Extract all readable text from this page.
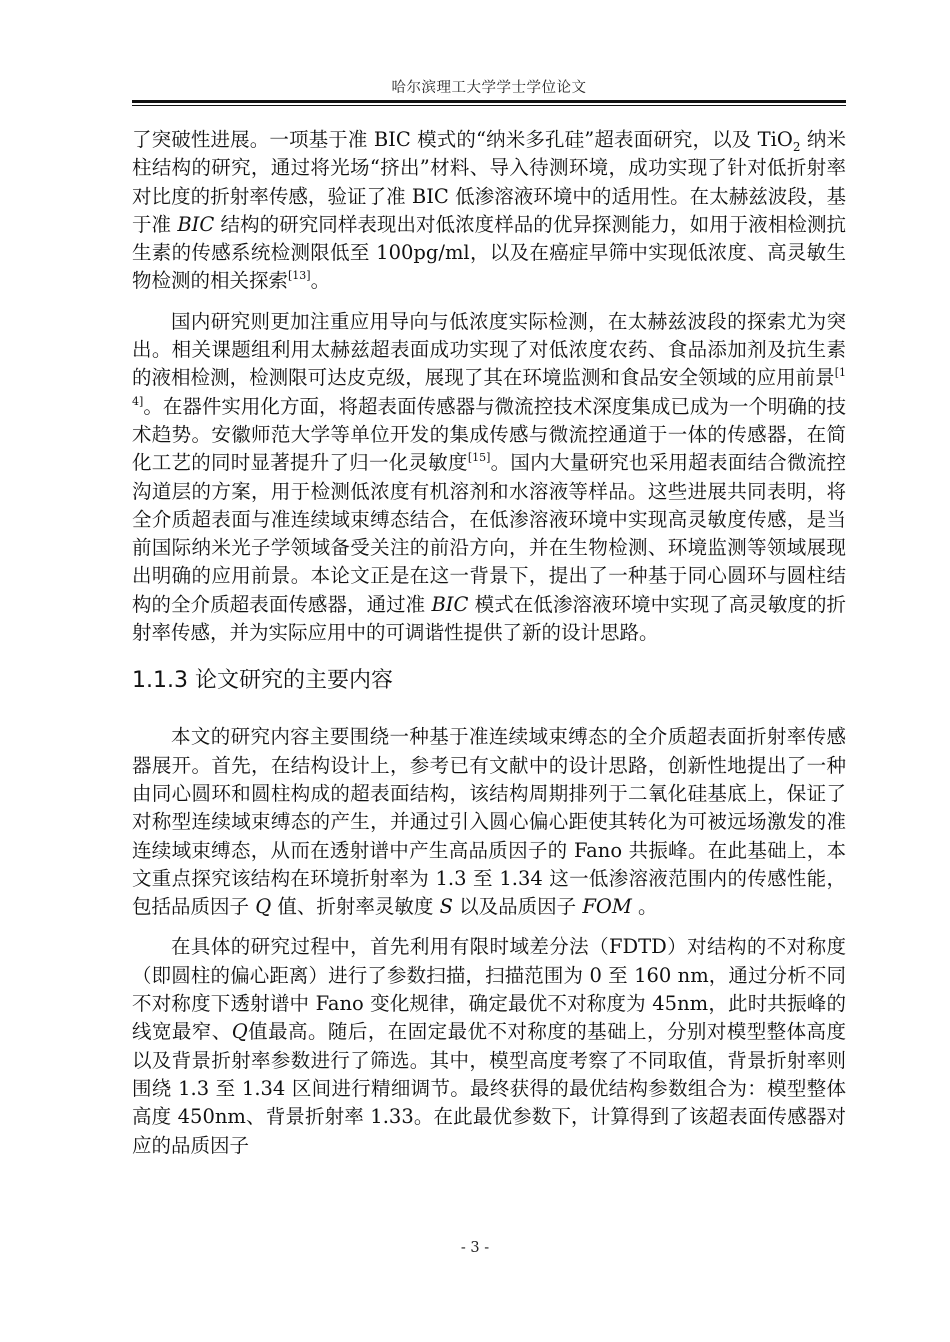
哈尔滨理工大学学士学位论文

了突破性进展。一项基于准 BIC 模式的“纳米多孔硅”超表面研究，以及 TiO$_2$ 纳米柱结构的研究，通过将光场“挤出”材料、导入待测环境，成功实现了针对低折射率对比度的折射率传感，验证了准 BIC 低渗溶液环境中的适用性。在太赫兹波段，基于准 BIC 结构的研究同样表现出对低浓度样品的优异探测能力，如用于液相检测抗生素的传感系统检测限低至 100pg/ml，以及在癌症早筛中实现低浓度、高灵敏生物检测的相关探索[13]。

国内研究则更加注重应用导向与低浓度实际检测，在太赫兹波段的探索尤为突出。相关课题组利用太赫兹超表面成功实现了对低浓度农药、食品添加剂及抗生素的液相检测，检测限可达皮克级，展现了其在环境监测和食品安全领域的应用前景[14]。在器件实用化方面，将超表面传感器与微流控技术深度集成已成为一个明确的技术趋势。安徽师范大学等单位开发的集成传感与微流控通道于一体的传感器，在简化工艺的同时显著提升了归一化灵敏度[15]。国内大量研究也采用超表面结合微流控沟道层的方案，用于检测低浓度有机溶剂和水溶液等样品。这些进展共同表明，将全介质超表面与准连续域束缚态结合，在低渗溶液环境中实现高灵敏度传感，是当前国际纳米光子学领域备受关注的前沿方向，并在生物检测、环境监测等领域展现出明确的应用前景。本论文正是在这一背景下，提出了一种基于同心圆环与圆柱结构的全介质超表面传感器，通过准 BIC 模式在低渗溶液环境中实现了高灵敏度的折射率传感，并为实际应用中的可调谐性提供了新的设计思路。

1.1.3 论文研究的主要内容

本文的研究内容主要围绕一种基于准连续域束缚态的全介质超表面折射率传感器展开。首先，在结构设计上，参考已有文献中的设计思路，创新性地提出了一种由同心圆环和圆柱构成的超表面结构，该结构周期排列于二氧化硅基底上，保证了对称型连续域束缚态的产生，并通过引入圆心偏心距使其转化为可被远场激发的准连续域束缚态，从而在透射谱中产生高品质因子的 Fano 共振峰。在此基础上，本文重点探究该结构在环境折射率为 1.3 至 1.34 这一低渗溶液范围内的传感性能，包括品质因子 Q 值、折射率灵敏度 S 以及品质因子 FOM 。

在具体的研究过程中，首先利用有限时域差分法（FDTD）对结构的不对称度（即圆柱的偏心距离）进行了参数扫描，扫描范围为 0 至 160 nm，通过分析不同不对称度下透射谱中 Fano 变化规律，确定最优不对称度为 45nm，此时共振峰的线宽最窄、Q值最高。随后，在固定最优不对称度的基础上，分别对模型整体高度以及背景折射率参数进行了筛选。其中，模型高度考察了不同取值，背景折射率则围绕 1.3 至 1.34 区间进行精细调节。最终获得的最优结构参数组合为：模型整体高度 450nm、背景折射率 1.33。在此最优参数下，计算得到了该超表面传感器对应的品质因子

- 3 -
